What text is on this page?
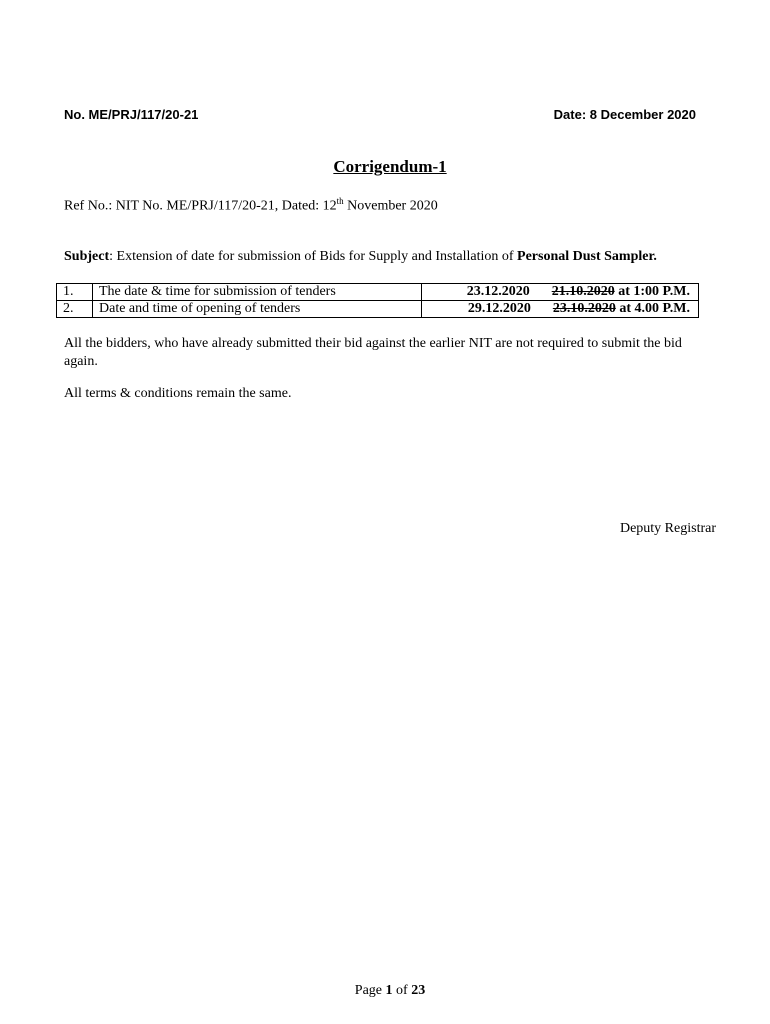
No. ME/PRJ/117/20-21	Date: 8 December 2020
Corrigendum-1
Ref No.: NIT No. ME/PRJ/117/20-21, Dated: 12th November 2020
Subject: Extension of date for submission of Bids for Supply and Installation of Personal Dust Sampler.
1.	The date & time for submission of tenders	23.12.2020 21.10.2020 at 1:00 P.M.
2.	Date and time of opening of tenders	29.12.2020 23.10.2020 at 4.00 P.M.
All the bidders, who have already submitted their bid against the earlier NIT are not required to submit the bid again.
All terms & conditions remain the same.
Deputy Registrar
Page 1 of 23
